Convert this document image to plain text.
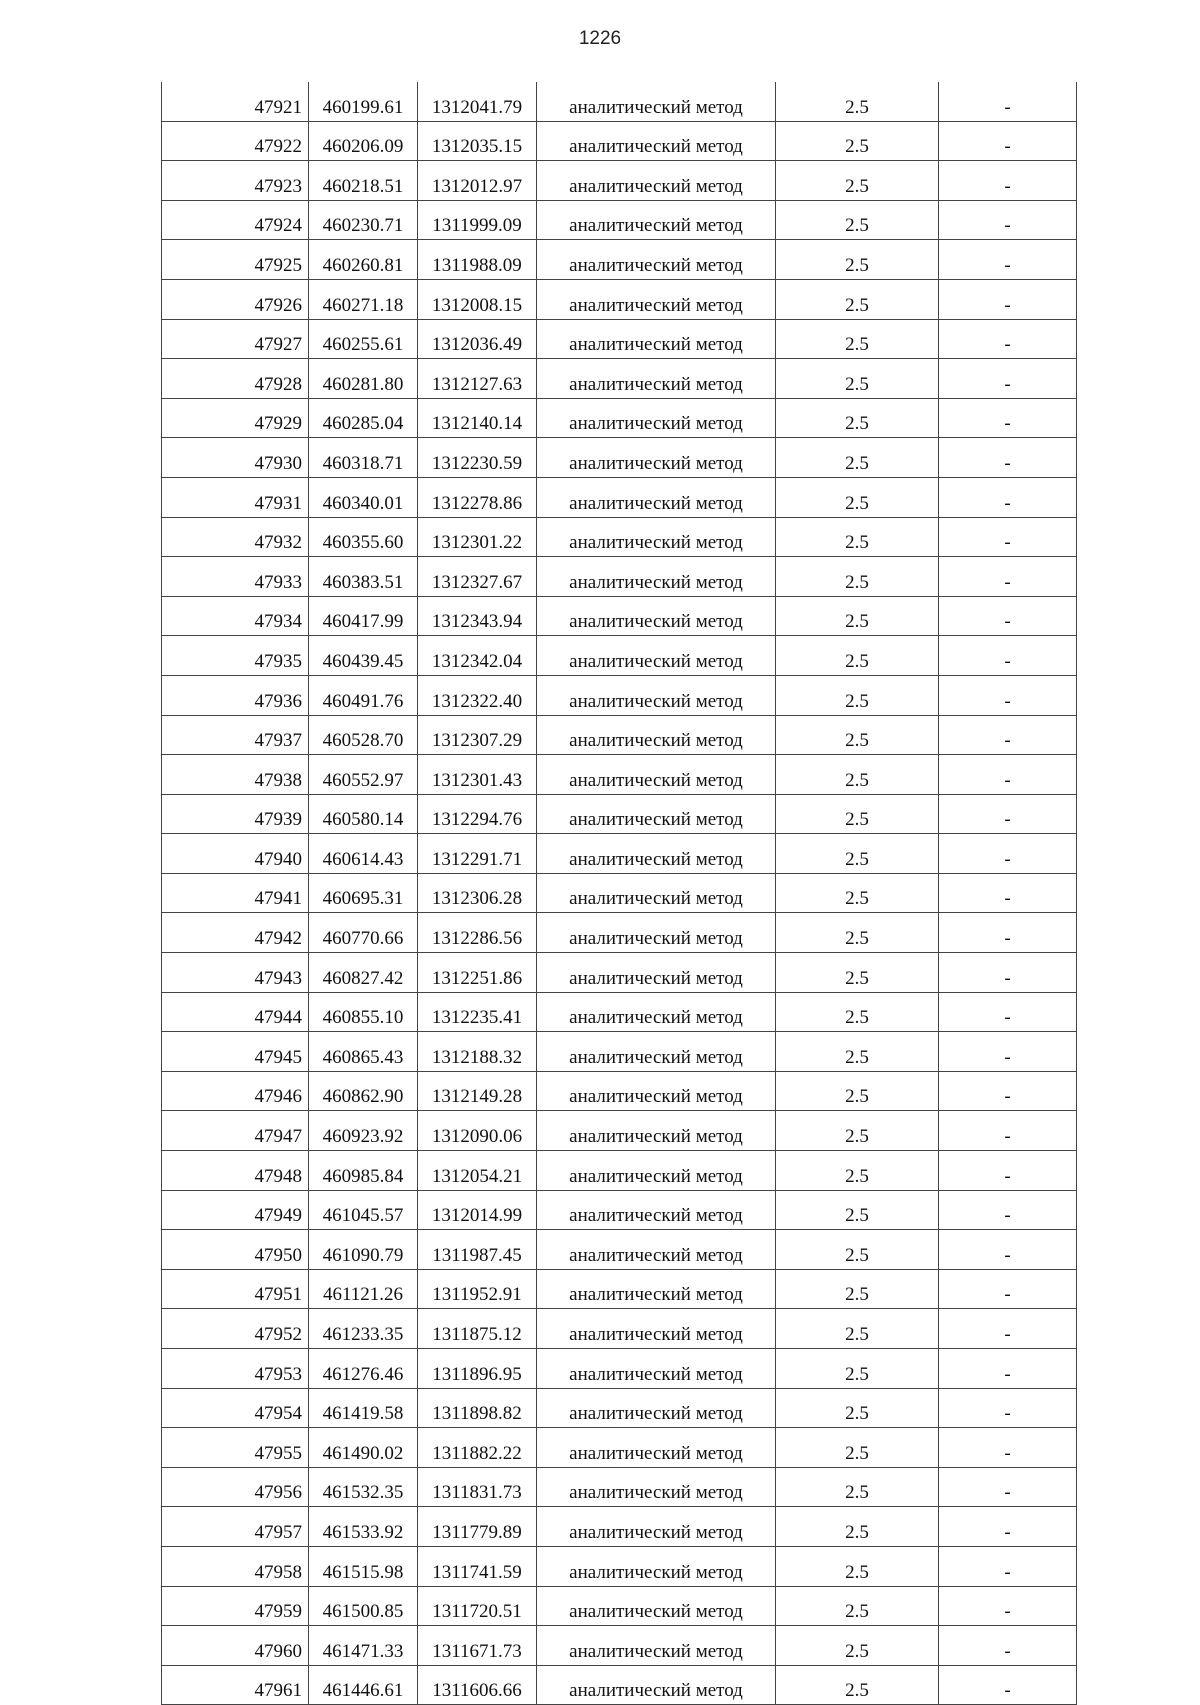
1226
47921	460199.61	1312041.79	аналитический метод	2.5	-
47922	460206.09	1312035.15	аналитический метод	2.5	-
47923	460218.51	1312012.97	аналитический метод	2.5	-
47924	460230.71	1311999.09	аналитический метод	2.5	-
47925	460260.81	1311988.09	аналитический метод	2.5	-
47926	460271.18	1312008.15	аналитический метод	2.5	-
47927	460255.61	1312036.49	аналитический метод	2.5	-
47928	460281.80	1312127.63	аналитический метод	2.5	-
47929	460285.04	1312140.14	аналитический метод	2.5	-
47930	460318.71	1312230.59	аналитический метод	2.5	-
47931	460340.01	1312278.86	аналитический метод	2.5	-
47932	460355.60	1312301.22	аналитический метод	2.5	-
47933	460383.51	1312327.67	аналитический метод	2.5	-
47934	460417.99	1312343.94	аналитический метод	2.5	-
47935	460439.45	1312342.04	аналитический метод	2.5	-
47936	460491.76	1312322.40	аналитический метод	2.5	-
47937	460528.70	1312307.29	аналитический метод	2.5	-
47938	460552.97	1312301.43	аналитический метод	2.5	-
47939	460580.14	1312294.76	аналитический метод	2.5	-
47940	460614.43	1312291.71	аналитический метод	2.5	-
47941	460695.31	1312306.28	аналитический метод	2.5	-
47942	460770.66	1312286.56	аналитический метод	2.5	-
47943	460827.42	1312251.86	аналитический метод	2.5	-
47944	460855.10	1312235.41	аналитический метод	2.5	-
47945	460865.43	1312188.32	аналитический метод	2.5	-
47946	460862.90	1312149.28	аналитический метод	2.5	-
47947	460923.92	1312090.06	аналитический метод	2.5	-
47948	460985.84	1312054.21	аналитический метод	2.5	-
47949	461045.57	1312014.99	аналитический метод	2.5	-
47950	461090.79	1311987.45	аналитический метод	2.5	-
47951	461121.26	1311952.91	аналитический метод	2.5	-
47952	461233.35	1311875.12	аналитический метод	2.5	-
47953	461276.46	1311896.95	аналитический метод	2.5	-
47954	461419.58	1311898.82	аналитический метод	2.5	-
47955	461490.02	1311882.22	аналитический метод	2.5	-
47956	461532.35	1311831.73	аналитический метод	2.5	-
47957	461533.92	1311779.89	аналитический метод	2.5	-
47958	461515.98	1311741.59	аналитический метод	2.5	-
47959	461500.85	1311720.51	аналитический метод	2.5	-
47960	461471.33	1311671.73	аналитический метод	2.5	-
47961	461446.61	1311606.66	аналитический метод	2.5	-
